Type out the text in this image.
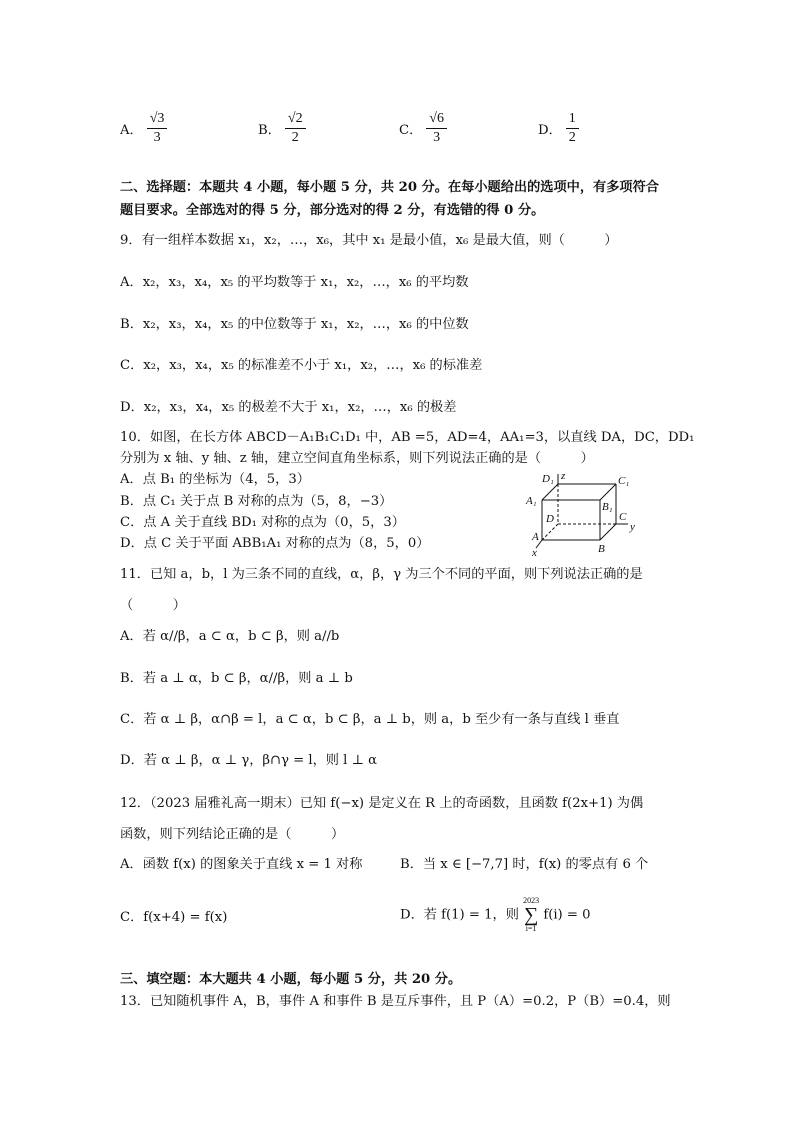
A． $\frac{√3}{3}$	B． $\frac{√2}{2}$	C． $\frac{√6}{3}$	D． $\frac{1}{2}$
二、选择题：本题共 4 小题，每小题 5 分，共 20 分。在每小题给出的选项中，有多项符合
题目要求。全部选对的得 5 分，部分选对的得 2 分，有选错的得 0 分。
9．有一组样本数据 x₁，x₂，…，x₆，其中 x₁ 是最小值，x₆ 是最大值，则（　　　）
A．x₂，x₃，x₄，x₅ 的平均数等于 x₁，x₂，…，x₆ 的平均数
B．x₂，x₃，x₄，x₅ 的中位数等于 x₁，x₂，…，x₆ 的中位数
C．x₂，x₃，x₄，x₅ 的标准差不小于 x₁，x₂，…，x₆ 的标准差
D．x₂，x₃，x₄，x₅ 的极差不大于 x₁，x₂，…，x₆ 的极差
10．如图，在长方体 ABCD－A₁B₁C₁D₁ 中，AB =5，AD=4，AA₁=3，以直线 DA，DC，DD₁
分别为 x 轴、y 轴、z 轴，建立空间直角坐标系，则下列说法正确的是（　　　）
A．点 B₁ 的坐标为（4，5，3）
B．点 C₁ 关于点 B 对称的点为（5，8，−3）
C．点 A 关于直线 BD₁ 对称的点为（0，5，3）
D．点 C 关于平面 ABB₁A₁ 对称的点为（8，5，0）
D₁ z	C₁
A₁	B₁
D	C
y
A
B
x
11．已知 a，b，l 为三条不同的直线，α，β，γ 为三个不同的平面，则下列说法正确的是
（　　　）
A．若 α//β，a ⊂ α，b ⊂ β，则 a//b
B．若 a ⊥ α，b ⊂ β，α//β，则 a ⊥ b
C．若 α ⊥ β，α∩β = l，a ⊂ α，b ⊂ β，a ⊥ b，则 a，b 至少有一条与直线 l 垂直
D．若 α ⊥ β，α ⊥ γ，β∩γ = l，则 l ⊥ α
12．（2023 届雅礼高一期末）已知 f(−x) 是定义在 R 上的奇函数，且函数 f(2x+1) 为偶
函数，则下列结论正确的是（　　　）
A．函数 f(x) 的图象关于直线 x = 1 对称	B．当 x ∈ [−7,7] 时，f(x) 的零点有 6 个
C．f(x+4) = f(x)	D．若 f(1) = 1，则
2023
∑
i=1
f(i) = 0
三、填空题：本大题共 4 小题，每小题 5 分，共 20 分。
13．已知随机事件 A，B，事件 A 和事件 B 是互斥事件，且 P（A）=0.2，P（B）=0.4，则
